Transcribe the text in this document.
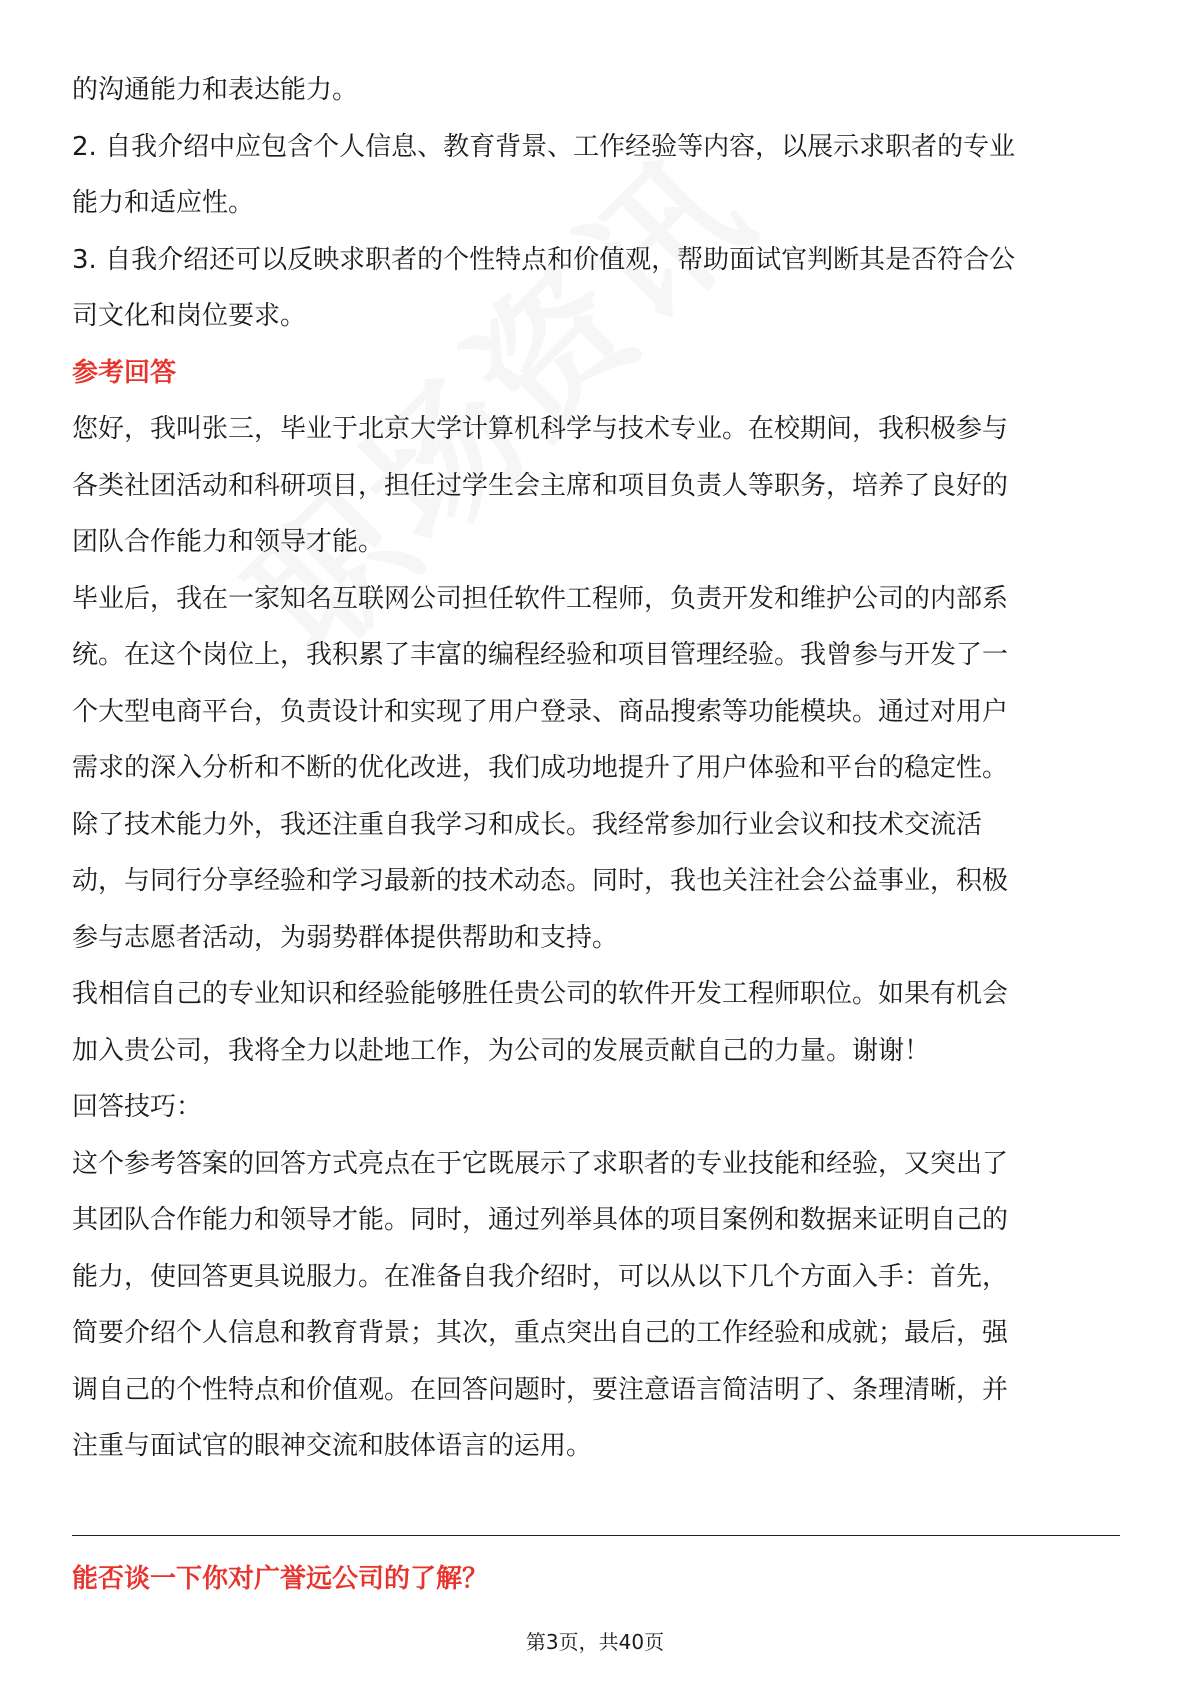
的沟通能力和表达能力。

2. 自我介绍中应包含个人信息、教育背景、工作经验等内容，以展示求职者的专业

能力和适应性。

3. 自我介绍还可以反映求职者的个性特点和价值观，帮助面试官判断其是否符合公

司文化和岗位要求。

参考回答

您好，我叫张三，毕业于北京大学计算机科学与技术专业。在校期间，我积极参与

各类社团活动和科研项目，担任过学生会主席和项目负责人等职务，培养了良好的

团队合作能力和领导才能。

毕业后，我在一家知名互联网公司担任软件工程师，负责开发和维护公司的内部系

统。在这个岗位上，我积累了丰富的编程经验和项目管理经验。我曾参与开发了一

个大型电商平台，负责设计和实现了用户登录、商品搜索等功能模块。通过对用户

需求的深入分析和不断的优化改进，我们成功地提升了用户体验和平台的稳定性。

除了技术能力外，我还注重自我学习和成长。我经常参加行业会议和技术交流活

动，与同行分享经验和学习最新的技术动态。同时，我也关注社会公益事业，积极

参与志愿者活动，为弱势群体提供帮助和支持。

我相信自己的专业知识和经验能够胜任贵公司的软件开发工程师职位。如果有机会

加入贵公司，我将全力以赴地工作，为公司的发展贡献自己的力量。谢谢！

回答技巧：

这个参考答案的回答方式亮点在于它既展示了求职者的专业技能和经验，又突出了

其团队合作能力和领导才能。同时，通过列举具体的项目案例和数据来证明自己的

能力，使回答更具说服力。在准备自我介绍时，可以从以下几个方面入手：首先，

简要介绍个人信息和教育背景；其次，重点突出自己的工作经验和成就；最后，强

调自己的个性特点和价值观。在回答问题时，要注意语言简洁明了、条理清晰，并

注重与面试官的眼神交流和肢体语言的运用。

能否谈一下你对广誉远公司的了解？
第3页，共40页
